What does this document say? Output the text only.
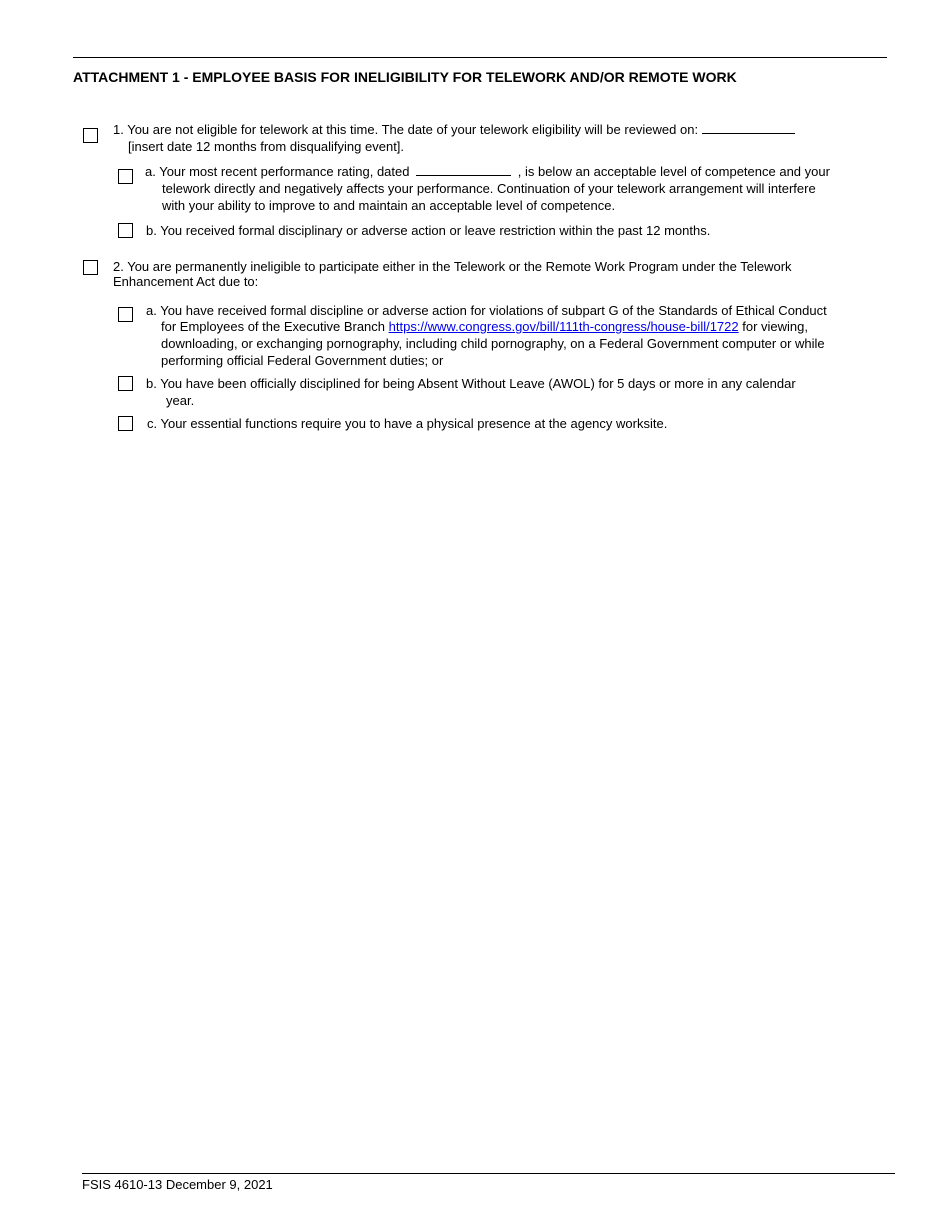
ATTACHMENT 1 - EMPLOYEE BASIS FOR INELIGIBILITY FOR TELEWORK AND/OR REMOTE WORK
1. You are not eligible for telework at this time. The date of your telework eligibility will be reviewed on:
[insert date 12 months from disqualifying event].
a. Your most recent performance rating, dated	, is below an acceptable level of competence and your
telework directly and negatively affects your performance. Continuation of your telework arrangement will interfere
with your ability to improve to and maintain an acceptable level of competence.
b. You received formal disciplinary or adverse action or leave restriction within the past 12 months.
2. You are permanently ineligible to participate either in the Telework or the Remote Work Program under the Telework
Enhancement Act due to:
a. You have received formal discipline or adverse action for violations of subpart G of the Standards of Ethical Conduct
for Employees of the Executive Branch https://www.congress.gov/bill/111th-congress/house-bill/1722 for viewing,
downloading, or exchanging pornography, including child pornography, on a Federal Government computer or while
performing official Federal Government duties; or
b. You have been officially disciplined for being Absent Without Leave (AWOL) for 5 days or more in any calendar
year.
c. Your essential functions require you to have a physical presence at the agency worksite.
FSIS 4610-13 December 9, 2021
